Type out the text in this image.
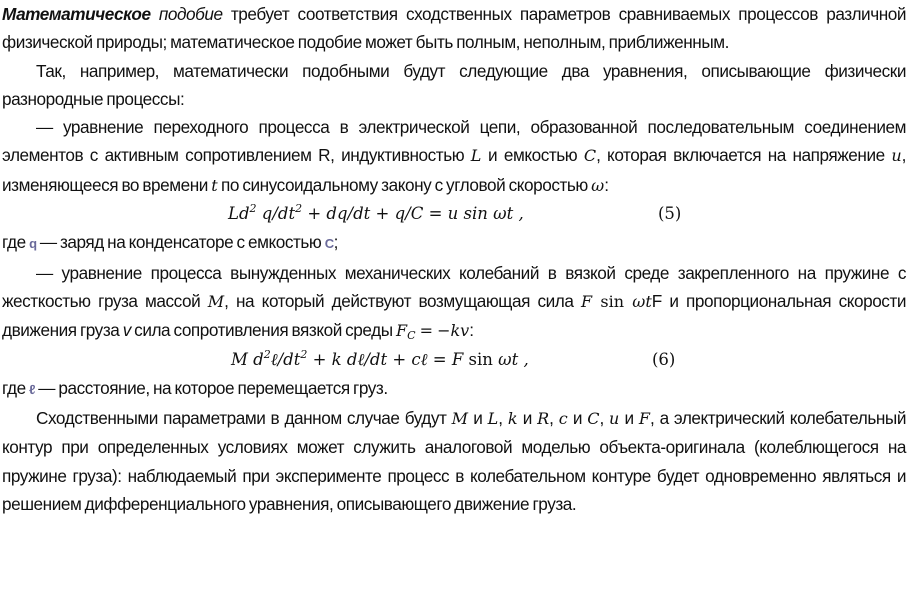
Математическое подобие требует соответствия сходственных параметров сравниваемых процессов различной физической природы; математическое подобие может быть полным, неполным, приближенным.

Так, например, математически подобными будут следующие два уравнения, описывающие физически разнородные процессы:

— уравнение переходного процесса в электрической цепи, образованной последовательным соединением элементов с активным сопротивлением R, индуктивностью L и емкостью C, которая включается на напряжение u, изменяющееся во времени t по синусоидальному закону с угловой скоростью ω:

Ld$^2$ $q/dt^2 + dq/dt + q/C = u$ sin ωt ,	(5)

где q — заряд на конденсаторе с емкостью C;

— уравнение процесса вынужденных механических колебаний в вязкой среде закрепленного на пружине с жесткостью груза массой M, на который действуют возмущающая сила F sin ωtF и пропорциональная скорости движения груза v сила сопротивления вязкой среды $F_C = -kv$:

M $d^2\ell/dt^2 + k$ dℓ/dt + cℓ = F sin ωt ,	(6)

где ℓ — расстояние, на которое перемещается груз.

Сходственными параметрами в данном случае будут M и L, k и R, c и C, u и F, а электрический колебательный контур при определенных условиях может служить аналоговой моделью объекта-оригинала (колеблющегося на пружине груза): наблюдаемый при эксперименте процесс в колебательном контуре будет одновременно являться и решением дифференциального уравнения, описывающего движение груза.
